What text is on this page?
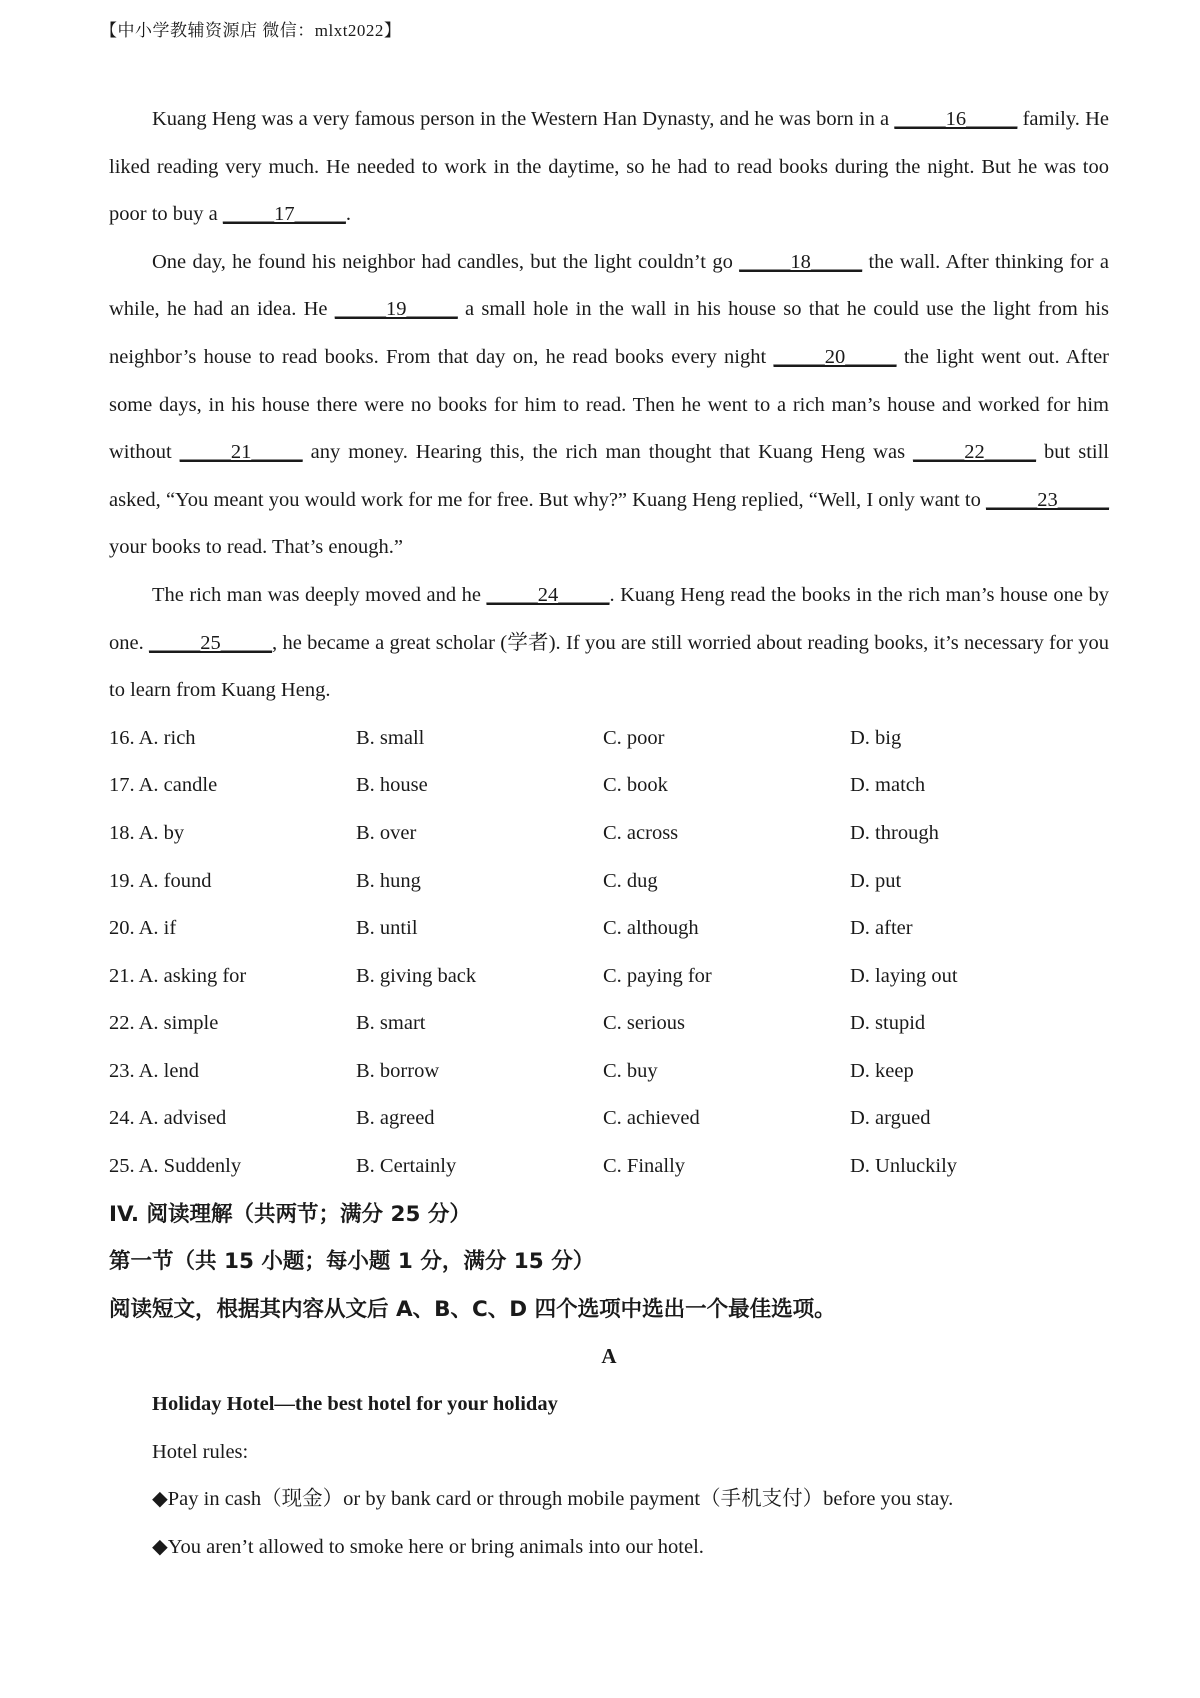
【中小学教辅资源店 微信：mlxt2022】

Kuang Heng was a very famous person in the Western Han Dynasty, and he was born in a _____16_____ family. He liked reading very much. He needed to work in the daytime, so he had to read books during the night. But he was too poor to buy a _____17_____.

One day, he found his neighbor had candles, but the light couldn’t go _____18_____ the wall. After thinking for a while, he had an idea. He _____19_____ a small hole in the wall in his house so that he could use the light from his neighbor’s house to read books. From that day on, he read books every night _____20_____ the light went out. After some days, in his house there were no books for him to read. Then he went to a rich man’s house and worked for him without _____21_____ any money. Hearing this, the rich man thought that Kuang Heng was _____22_____ but still asked, “You meant you would work for me for free. But why?” Kuang Heng replied, “Well, I only want to _____23_____ your books to read. That’s enough.”

The rich man was deeply moved and he _____24_____. Kuang Heng read the books in the rich man’s house one by one. _____25_____, he became a great scholar (学者). If you are still worried about reading books, it’s necessary for you to learn from Kuang Heng.

16. A. rich	B. small	C. poor	D. big
17. A. candle	B. house	C. book	D. match
18. A. by	B. over	C. across	D. through
19. A. found	B. hung	C. dug	D. put
20. A. if	B. until	C. although	D. after
21. A. asking for	B. giving back	C. paying for	D. laying out
22. A. simple	B. smart	C. serious	D. stupid
23. A. lend	B. borrow	C. buy	D. keep
24. A. advised	B. agreed	C. achieved	D. argued
25. A. Suddenly	B. Certainly	C. Finally	D. Unluckily

IV. 阅读理解（共两节；满分 25 分）

第一节（共 15 小题；每小题 1 分，满分 15 分）

阅读短文，根据其内容从文后 A、B、C、D 四个选项中选出一个最佳选项。

A

Holiday Hotel—the best hotel for your holiday

Hotel rules:

◆Pay in cash（现金）or by bank card or through mobile payment（手机支付）before you stay.

◆You aren’t allowed to smoke here or bring animals into our hotel.
